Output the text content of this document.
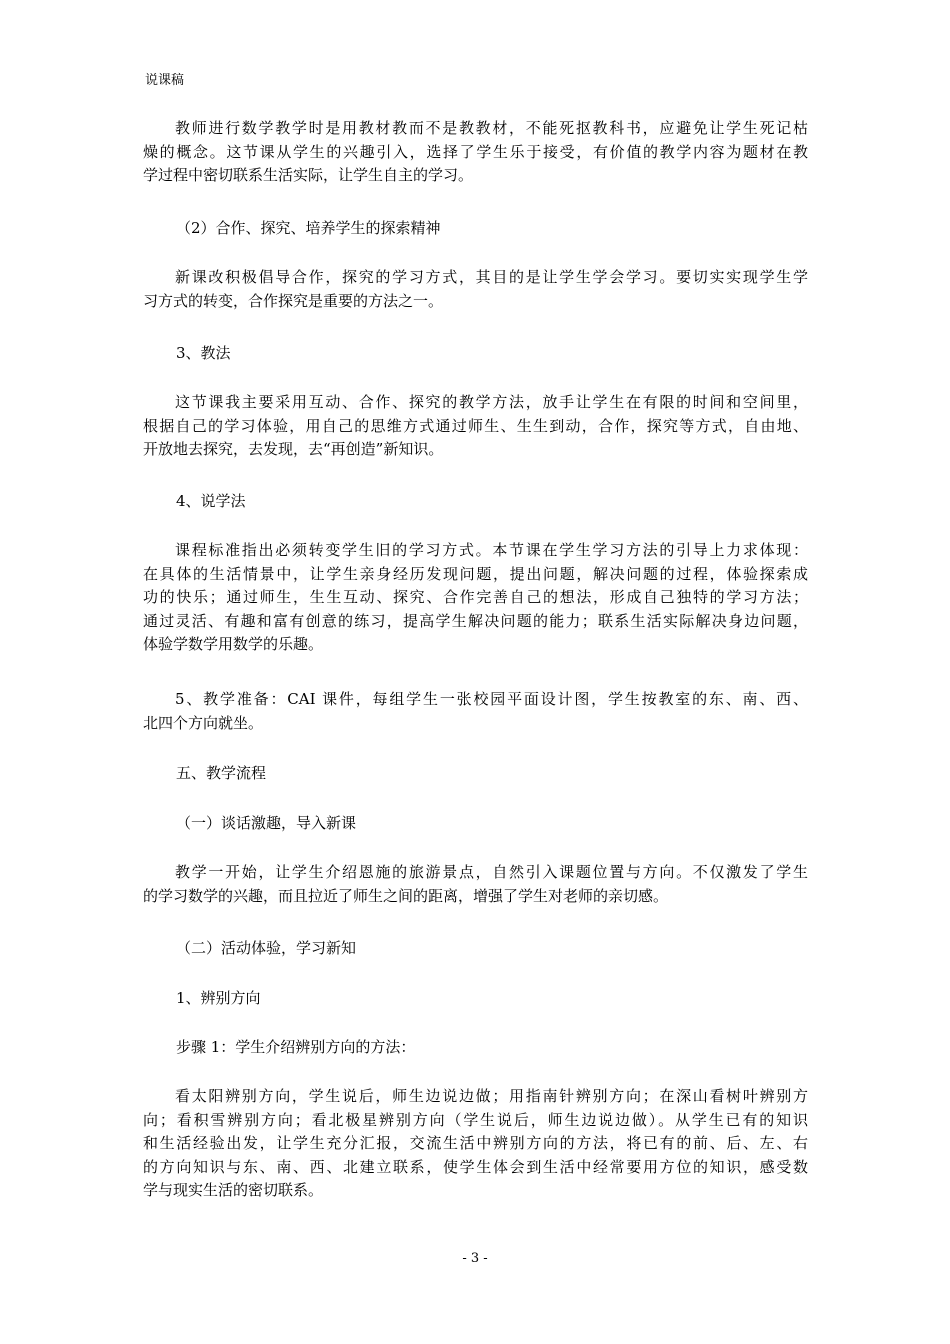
说课稿

教师进行数学教学时是用教材教而不是教教材，不能死抠教科书，应避免让学生死记枯
燥的概念。这节课从学生的兴趣引入，选择了学生乐于接受，有价值的教学内容为题材在教
学过程中密切联系生活实际，让学生自主的学习。

（2）合作、探究、培养学生的探索精神

新课改积极倡导合作，探究的学习方式，其目的是让学生学会学习。要切实实现学生学
习方式的转变，合作探究是重要的方法之一。

3、教法

这节课我主要采用互动、合作、探究的教学方法，放手让学生在有限的时间和空间里，
根据自己的学习体验，用自己的思维方式通过师生、生生到动，合作，探究等方式，自由地、
开放地去探究，去发现，去“再创造”新知识。

4、说学法

课程标准指出必须转变学生旧的学习方式。本节课在学生学习方法的引导上力求体现：
在具体的生活情景中，让学生亲身经历发现问题，提出问题，解决问题的过程，体验探索成
功的快乐；通过师生，生生互动、探究、合作完善自己的想法，形成自己独特的学习方法；
通过灵活、有趣和富有创意的练习，提高学生解决问题的能力；联系生活实际解决身边问题，
体验学数学用数学的乐趣。

5、教学准备：CAI 课件，每组学生一张校园平面设计图，学生按教室的东、南、西、
北四个方向就坐。

五、教学流程
（一）谈话激趣，导入新课

教学一开始，让学生介绍恩施的旅游景点，自然引入课题位置与方向。不仅激发了学生
的学习数学的兴趣，而且拉近了师生之间的距离，增强了学生对老师的亲切感。

（二）活动体验，学习新知
1、辨别方向
步骤 1：学生介绍辨别方向的方法：

看太阳辨别方向，学生说后，师生边说边做；用指南针辨别方向；在深山看树叶辨别方
向；看积雪辨别方向；看北极星辨别方向（学生说后，师生边说边做）。从学生已有的知识
和生活经验出发，让学生充分汇报，交流生活中辨别方向的方法，将已有的前、后、左、右
的方向知识与东、南、西、北建立联系，使学生体会到生活中经常要用方位的知识，感受数
学与现实生活的密切联系。

- 3 -
